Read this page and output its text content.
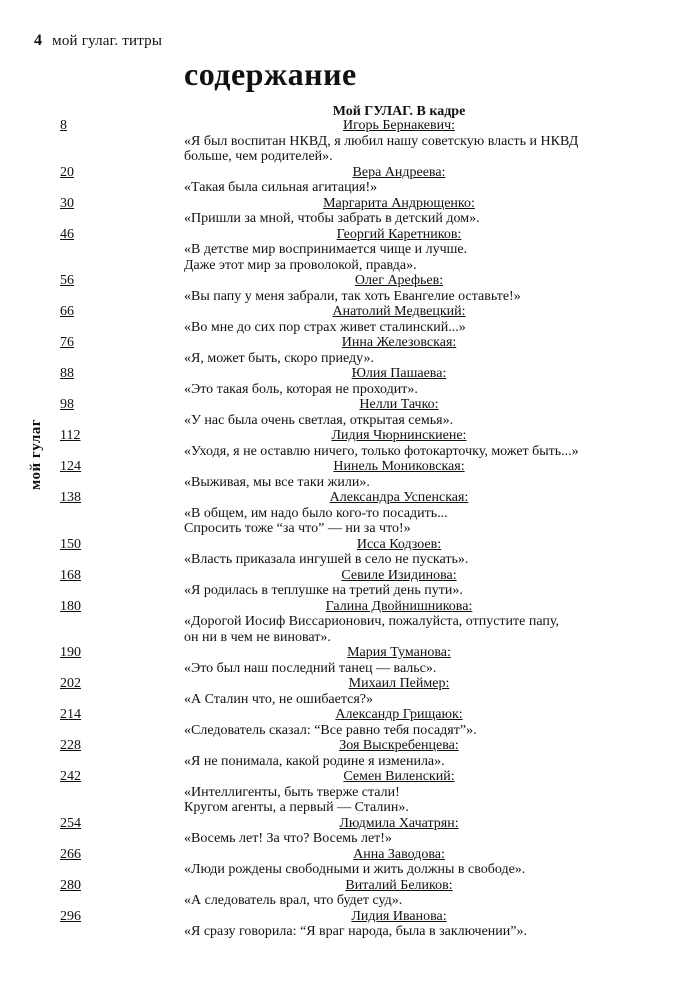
4 мой гулаг. титры
мой гулаг
содержание
Мой ГУЛАГ. В кадре
8	Игорь Бернакевич:
«Я был воспитан НКВД, я любил нашу советскую власть и НКВД
больше, чем родителей».
20	Вера Андреева:
«Такая была сильная агитация!»
30	Маргарита Андрющенко:
«Пришли за мной, чтобы забрать в детский дом».
46	Георгий Каретников:
«В детстве мир воспринимается чище и лучше.
Даже этот мир за проволокой, правда».
56	Олег Арефьев:
«Вы папу у меня забрали, так хоть Евангелие оставьте!»
66	Анатолий Медвецкий:
«Во мне до сих пор страх живет сталинский...»
76	Инна Железовская:
«Я, может быть, скоро приеду».
88	Юлия Пашаева:
«Это такая боль, которая не проходит».
98	Нелли Тачко:
«У нас была очень светлая, открытая семья».
112	Лидия Чюрнинскиене:
«Уходя, я не оставлю ничего, только фотокарточку, может быть...»
124	Нинель Мониковская:
«Выживая, мы все таки жили».
138	Александра Успенская:
«В общем, им надо было кого-то посадить...
Спросить тоже “за что” — ни за что!»
150	Исса Кодзоев:
«Власть приказала ингушей в село не пускать».
168	Севиле Изидинова:
«Я родилась в теплушке на третий день пути».
180	Галина Двойнишникова:
«Дорогой Иосиф Виссарионович, пожалуйста, отпустите папу,
он ни в чем не виноват».
190	Мария Туманова:
«Это был наш последний танец — вальс».
202	Михаил Пеймер:
«А Сталин что, не ошибается?»
214	Александр Грищаюк:
«Следователь сказал: “Все равно тебя посадят”».
228	Зоя Выскребенцева:
«Я не понимала, какой родине я изменила».
242	Семен Виленский:
«Интеллигенты, быть тверже стали!
Кругом агенты, а первый — Сталин».
254	Людмила Хачатрян:
«Восемь лет! За что? Восемь лет!»
266	Анна Заводова:
«Люди рождены свободными и жить должны в свободе».
280	Виталий Беликов:
«А следователь врал, что будет суд».
296	Лидия Иванова:
«Я сразу говорила: “Я враг народа, была в заключении”».
